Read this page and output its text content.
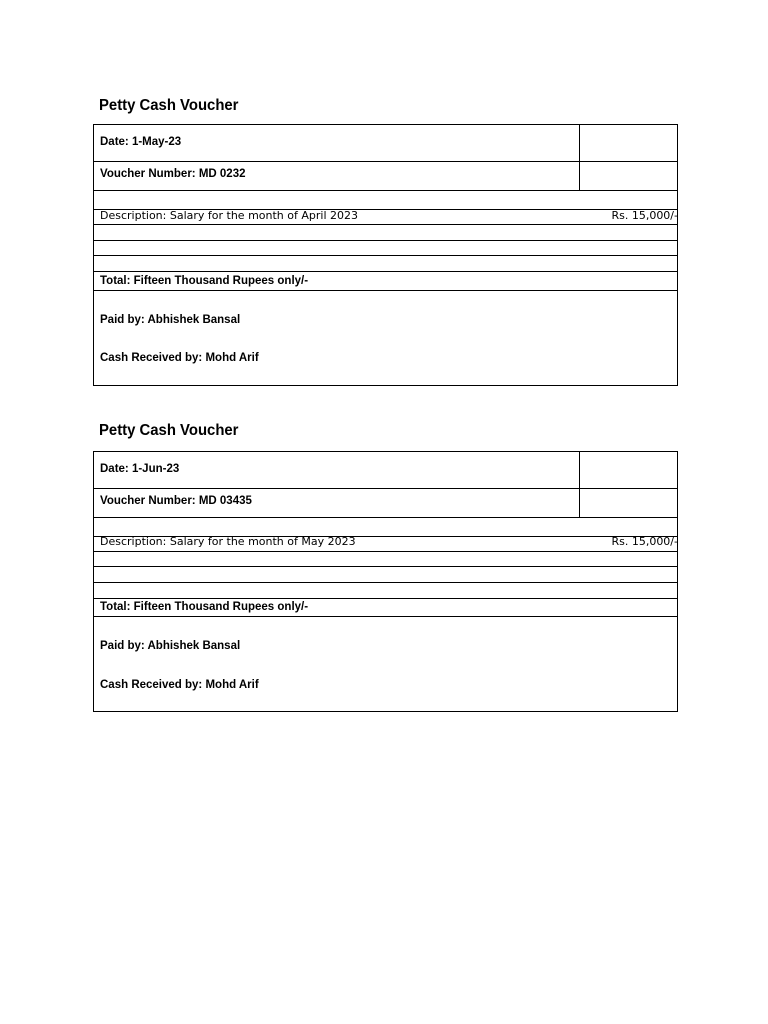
Petty Cash Voucher
Date: 1-May-23
Voucher Number: MD 0232
Description: Salary for the month of April 2023	Rs. 15,000/-
Total: Fifteen Thousand Rupees only/-
Paid by: Abhishek Bansal
Cash Received by: Mohd Arif
Petty Cash Voucher
Date: 1-Jun-23
Voucher Number: MD 03435
Description: Salary for the month of May 2023	Rs. 15,000/-
Total: Fifteen Thousand Rupees only/-
Paid by: Abhishek Bansal
Cash Received by: Mohd Arif
